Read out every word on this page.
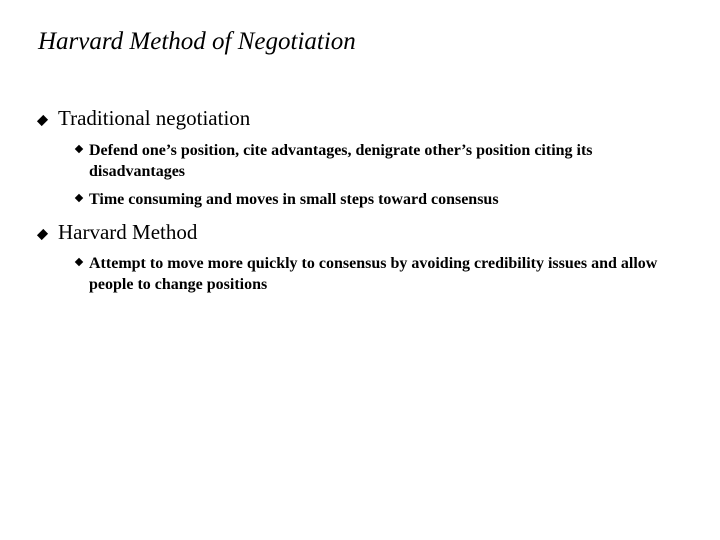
Harvard Method of Negotiation
Traditional negotiation
Defend one’s position, cite advantages, denigrate other’s position citing its disadvantages
Time consuming and moves in small steps toward consensus
Harvard Method
Attempt to move more quickly to consensus by avoiding credibility issues and allow people to change positions
